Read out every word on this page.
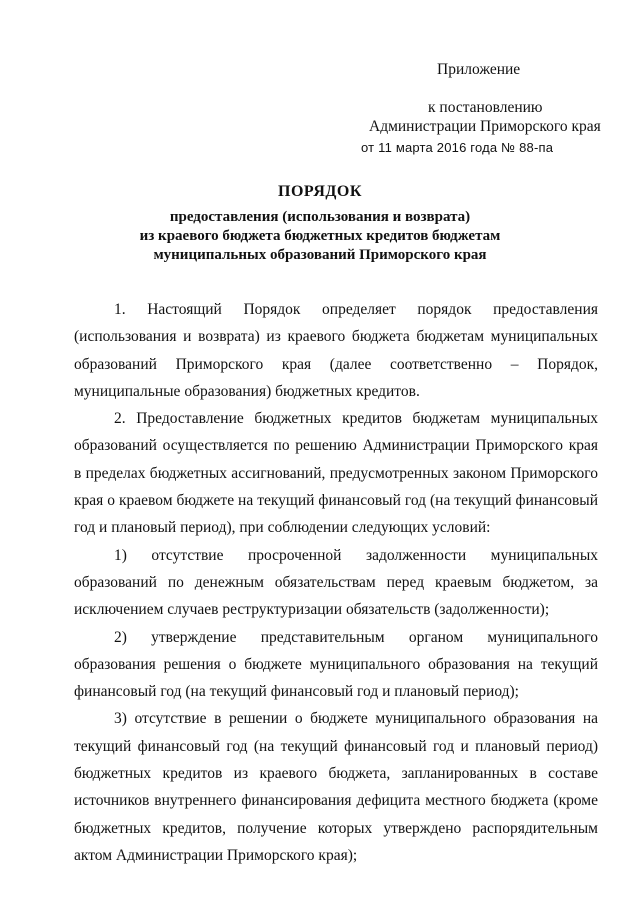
Приложение
к постановлению
Администрации Приморского края
от 11 марта 2016 года № 88-па
ПОРЯДОК
предоставления (использования и возврата)
из краевого бюджета бюджетных кредитов бюджетам
муниципальных образований Приморского края

1. Настоящий Порядок определяет порядок предоставления (использования и возврата) из краевого бюджета бюджетам муниципальных образований Приморского края (далее соответственно – Порядок, муниципальные образования) бюджетных кредитов.

2. Предоставление бюджетных кредитов бюджетам муниципальных образований осуществляется по решению Администрации Приморского края в пределах бюджетных ассигнований, предусмотренных законом Приморского края о краевом бюджете на текущий финансовый год (на текущий финансовый год и плановый период), при соблюдении следующих условий:

1) отсутствие просроченной задолженности муниципальных образований по денежным обязательствам перед краевым бюджетом, за исключением случаев реструктуризации обязательств (задолженности);

2) утверждение представительным органом муниципального образования решения о бюджете муниципального образования на текущий финансовый год (на текущий финансовый год и плановый период);

3) отсутствие в решении о бюджете муниципального образования на текущий финансовый год (на текущий финансовый год и плановый период) бюджетных кредитов из краевого бюджета, запланированных в составе источников внутреннего финансирования дефицита местного бюджета (кроме бюджетных кредитов, получение которых утверждено распорядительным актом Администрации Приморского края);
